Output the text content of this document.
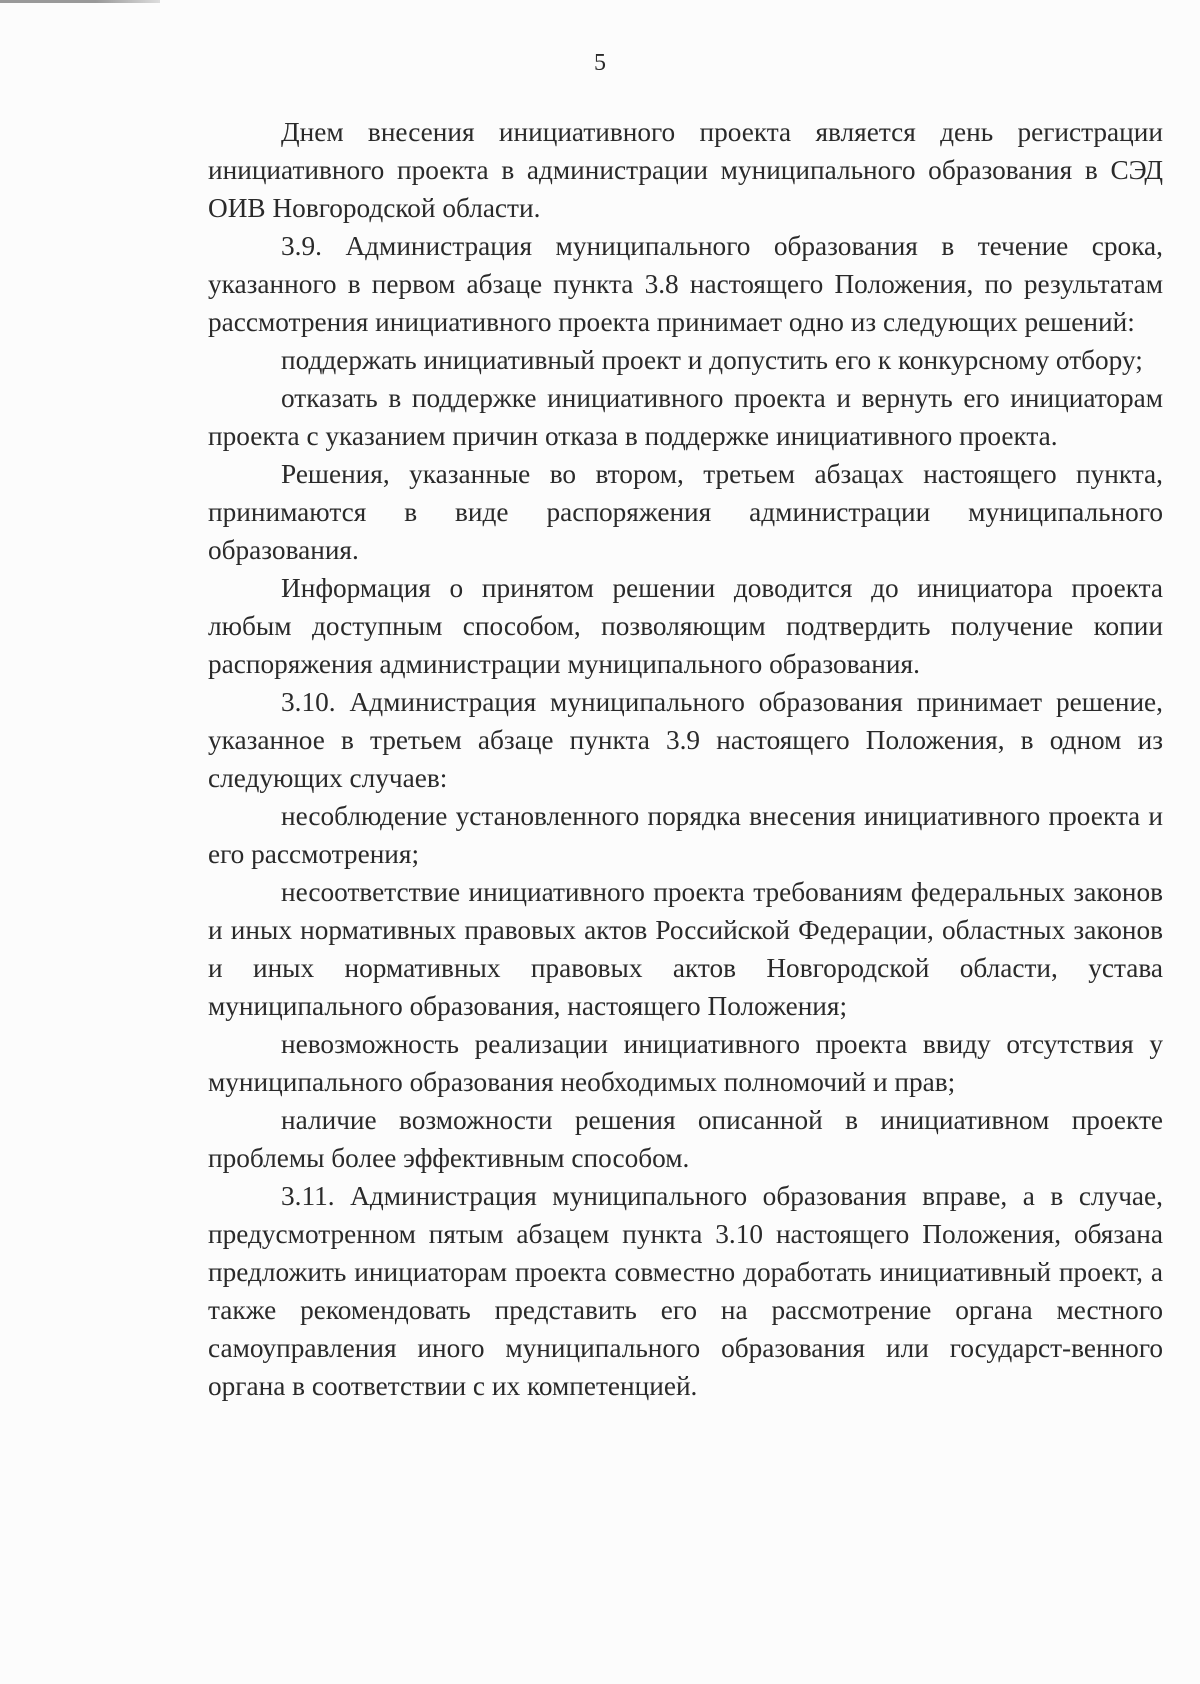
5

Днем внесения инициативного проекта является день регистрации инициативного проекта в администрации муниципального образования в СЭД ОИВ Новгородской области.

3.9. Администрация муниципального образования в течение срока, указанного в первом абзаце пункта 3.8 настоящего Положения, по результатам рассмотрения инициативного проекта принимает одно из следующих решений:

поддержать инициативный проект и допустить его к конкурсному отбору;

отказать в поддержке инициативного проекта и вернуть его инициаторам проекта с указанием причин отказа в поддержке инициативного проекта.

Решения, указанные во втором, третьем абзацах настоящего пункта, принимаются в виде распоряжения администрации муниципального образования.

Информация о принятом решении доводится до инициатора проекта любым доступным способом, позволяющим подтвердить получение копии распоряжения администрации муниципального образования.

3.10. Администрация муниципального образования принимает решение, указанное в третьем абзаце пункта 3.9 настоящего Положения, в одном из следующих случаев:

несоблюдение установленного порядка внесения инициативного проекта и его рассмотрения;

несоответствие инициативного проекта требованиям федеральных законов и иных нормативных правовых актов Российской Федерации, областных законов и иных нормативных правовых актов Новгородской области, устава муниципального образования, настоящего Положения;

невозможность реализации инициативного проекта ввиду отсутствия у муниципального образования необходимых полномочий и прав;

наличие возможности решения описанной в инициативном проекте проблемы более эффективным способом.

3.11. Администрация муниципального образования вправе, а в случае, предусмотренном пятым абзацем пункта 3.10 настоящего Положения, обязана предложить инициаторам проекта совместно доработать инициативный проект, а также рекомендовать представить его на рассмотрение органа местного самоуправления иного муниципального образования или государст-венного органа в соответствии с их компетенцией.
